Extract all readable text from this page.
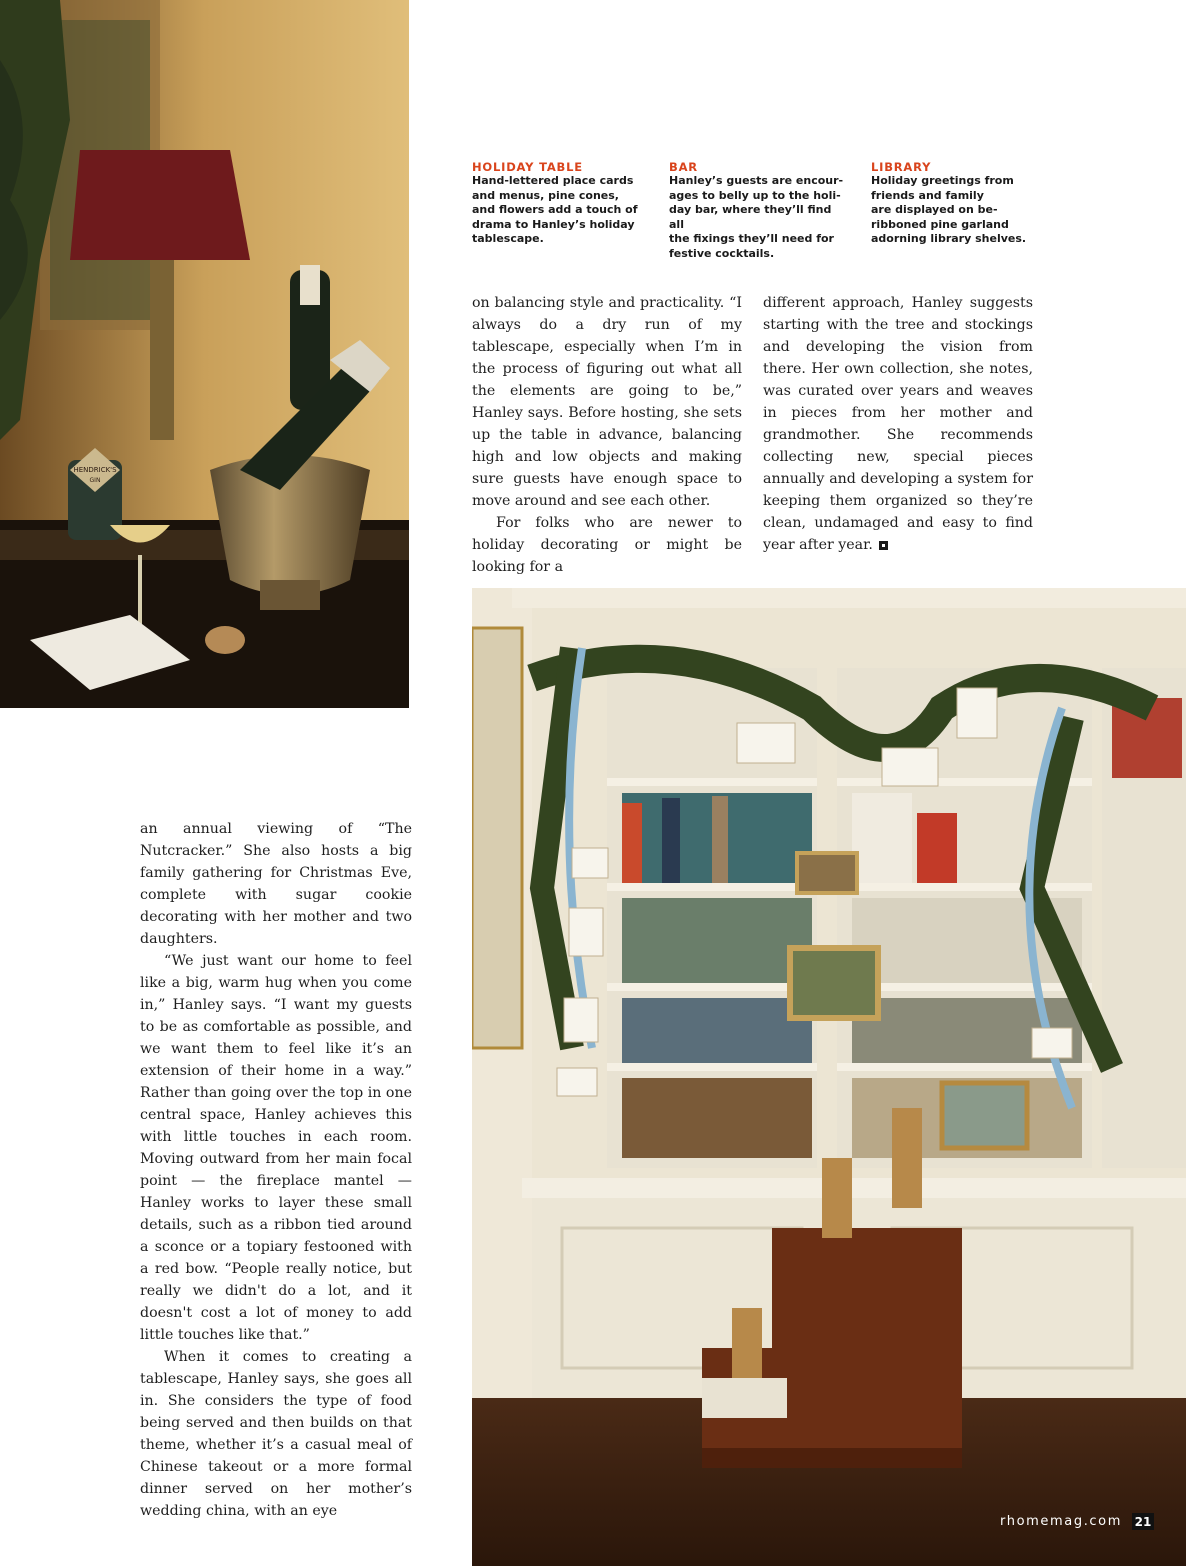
HENDRICK'S
GIN
HOLIDAY TABLE
Hand-lettered place cards
and menus, pine cones,
and flowers add a touch of
drama to Hanley’s holiday
tablescape.
BAR
Hanley’s guests are encour-
ages to belly up to the holi-
day bar, where they’ll find all
the fixings they’ll need for
festive cocktails.
LIBRARY
Holiday greetings from
friends and family
are displayed on be-
ribboned pine garland
adorning library shelves.

on balancing style and practicality. “I always do a dry run of my tablescape, especially when I’m in the process of figuring out what all the elements are going to be,” Hanley says. Before hosting, she sets up the table in advance, balancing high and low objects and making sure guests have enough space to move around and see each other.

For folks who are newer to holiday decorating or might be looking for a

different approach, Hanley suggests starting with the tree and stockings and developing the vision from there. Her own collection, she notes, was curated over years and weaves in pieces from her mother and grandmother. She recommends collecting new, special pieces annually and developing a system for keeping them organized so they’re clean, undamaged and easy to find year after year.

an annual viewing of “The Nutcracker.” She also hosts a big family gathering for Christmas Eve, complete with sugar cookie decorating with her mother and two daughters.

“We just want our home to feel like a big, warm hug when you come in,” Hanley says. “I want my guests to be as comfortable as possible, and we want them to feel like it’s an extension of their home in a way.” Rather than going over the top in one central space, Hanley achieves this with little touches in each room. Moving outward from her main focal point — the fireplace mantel — Hanley works to layer these small details, such as a ribbon tied around a sconce or a topiary festooned with a red bow. “People really notice, but really we didn't do a lot, and it doesn't cost a lot of money to add little touches like that.”

When it comes to creating a tablescape, Hanley says, she goes all in. She considers the type of food being served and then builds on that theme, whether it’s a casual meal of Chinese takeout or a more formal dinner served on her mother’s wedding china, with an eye

rhomemag.com 21
